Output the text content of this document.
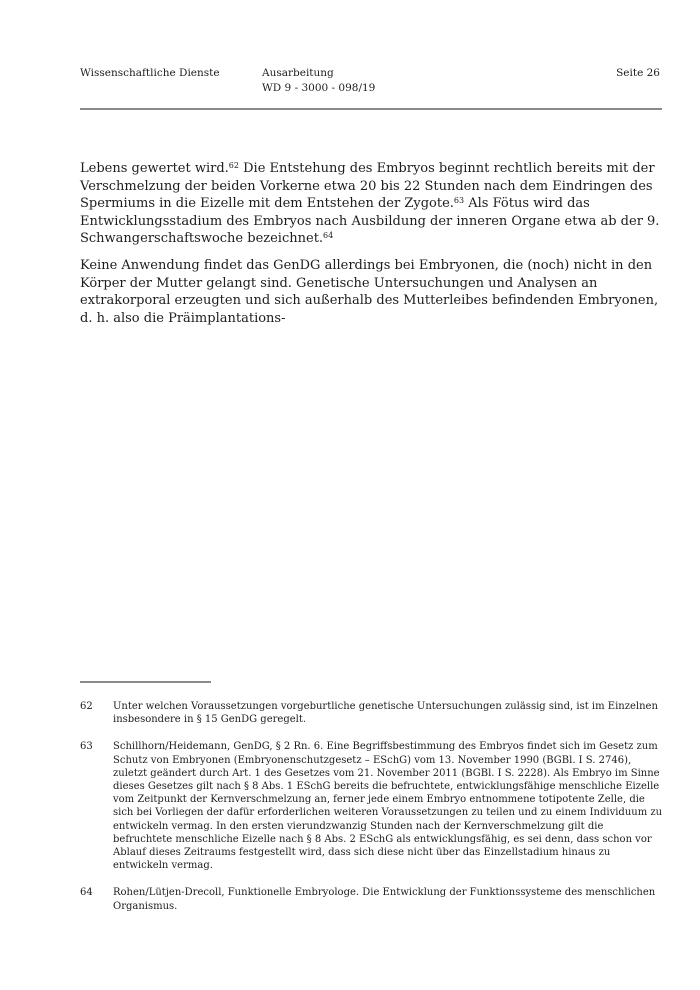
Wissenschaftliche Dienste	Ausarbeitung
WD 9 - 3000 - 098/19
Seite 26

Lebens gewertet wird.$^{62}$ Die Entstehung des Embryos beginnt rechtlich bereits mit der Verschmelzung der beiden Vorkerne etwa 20 bis 22 Stunden nach dem Eindringen des Spermiums in die Eizelle mit dem Entstehen der Zygote.$^{63}$ Als Fötus wird das Entwicklungsstadium des Embryos nach Ausbildung der inneren Organe etwa ab der 9. Schwangerschaftswoche bezeichnet.$^{64}$

Keine Anwendung findet das GenDG allerdings bei Embryonen, die (noch) nicht in den Körper der Mutter gelangt sind. Genetische Untersuchungen und Analysen an extrakorporal erzeugten und sich außerhalb des Mutterleibes befindenden Embryonen, d. h. also die Präimplantations-

62	Unter welchen Voraussetzungen vorgeburtliche genetische Untersuchungen zulässig sind, ist im Einzelnen insbesondere in § 15 GenDG geregelt.
63	Schillhorn/Heidemann, GenDG, § 2 Rn. 6. Eine Begriffsbestimmung des Embryos findet sich im Gesetz zum Schutz von Embryonen (Embryonenschutzgesetz – ESchG) vom 13. November 1990 (BGBl. I S. 2746), zuletzt geändert durch Art. 1 des Gesetzes vom 21. November 2011 (BGBl. I S. 2228). Als Embryo im Sinne dieses Gesetzes gilt nach § 8 Abs. 1 ESchG bereits die befruchtete, entwicklungsfähige menschliche Eizelle vom Zeitpunkt der Kernverschmelzung an, ferner jede einem Embryo entnommene totipotente Zelle, die sich bei Vorliegen der dafür erforderlichen weiteren Voraussetzungen zu teilen und zu einem Individuum zu entwickeln vermag. In den ersten vierundzwanzig Stunden nach der Kernverschmelzung gilt die befruchtete menschliche Eizelle nach § 8 Abs. 2 ESchG als entwicklungsfähig, es sei denn, dass schon vor Ablauf dieses Zeitraums festgestellt wird, dass sich diese nicht über das Einzellstadium hinaus zu entwickeln vermag.
64	Rohen/Lütjen-Drecoll, Funktionelle Embryologe. Die Entwicklung der Funktionssysteme des menschlichen Organismus.
